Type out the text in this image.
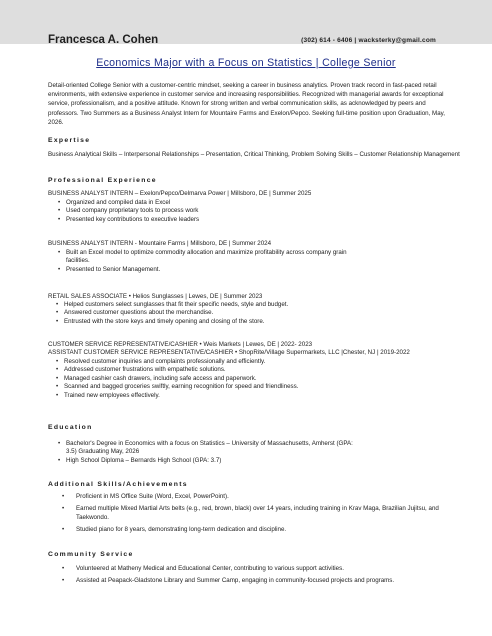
Francesca A. Cohen	(302) 614 - 6406 | wacksterky@gmail.com
Economics Major with a Focus on Statistics | College Senior
Detail-oriented College Senior with a customer-centric mindset, seeking a career in business analytics. Proven track record in fast-paced retail environments, with extensive experience in customer service and increasing responsibilities. Recognized with managerial awards for exceptional service, professionalism, and a positive attitude. Known for strong written and verbal communication skills, as acknowledged by peers and professors. Two Summers as a Business Analyst Intern for Mountaire Farms and Exelon/Pepco. Seeking full-time position upon Graduation, May, 2026.
Expertise
Business Analytical Skills – Interpersonal Relationships – Presentation, Critical Thinking, Problem Solving Skills – Customer Relationship Management
Professional Experience
BUSINESS ANALYST INTERN – Exelon/Pepco/Delmarva Power | Millsboro, DE | Summer 2025
• Organized and compiled data in Excel
• Used company proprietary tools to process work
• Presented key contributions to executive leaders
BUSINESS ANALYST INTERN - Mountaire Farms | Millsboro, DE | Summer 2024
• Built an Excel model to optimize commodity allocation and maximize profitability across company grain facilities.
• Presented to Senior Management.
RETAIL SALES ASSOCIATE • Helios Sunglasses | Lewes, DE | Summer 2023
• Helped customers select sunglasses that fit their specific needs, style and budget.
• Answered customer questions about the merchandise.
• Entrusted with the store keys and timely opening and closing of the store.
CUSTOMER SERVICE REPRESENTATIVE/CASHIER • Weis Markets | Lewes, DE | 2022- 2023
ASSISTANT CUSTOMER SERVICE REPRESENTATIVE/CASHIER • ShopRite/Village Supermarkets, LLC |Chester, NJ | 2019-2022
• Resolved customer inquiries and complaints professionally and efficiently.
• Addressed customer frustrations with empathetic solutions.
• Managed cashier cash drawers, including safe access and paperwork.
• Scanned and bagged groceries swiftly, earning recognition for speed and friendliness.
• Trained new employees effectively.
Education
• Bachelor's Degree in Economics with a focus on Statistics – University of Massachusetts, Amherst (GPA: 3.5) Graduating May, 2026
• High School Diploma – Bernards High School (GPA: 3.7)
Additional Skills/Achievements
• Proficient in MS Office Suite (Word, Excel, PowerPoint).
• Earned multiple Mixed Martial Arts belts (e.g., red, brown, black) over 14 years, including training in Krav Maga, Brazilian Jujitsu, and Taekwondo.
• Studied piano for 8 years, demonstrating long-term dedication and discipline.
Community Service
• Volunteered at Matheny Medical and Educational Center, contributing to various support activities.
• Assisted at Peapack-Gladstone Library and Summer Camp, engaging in community-focused projects and programs.
